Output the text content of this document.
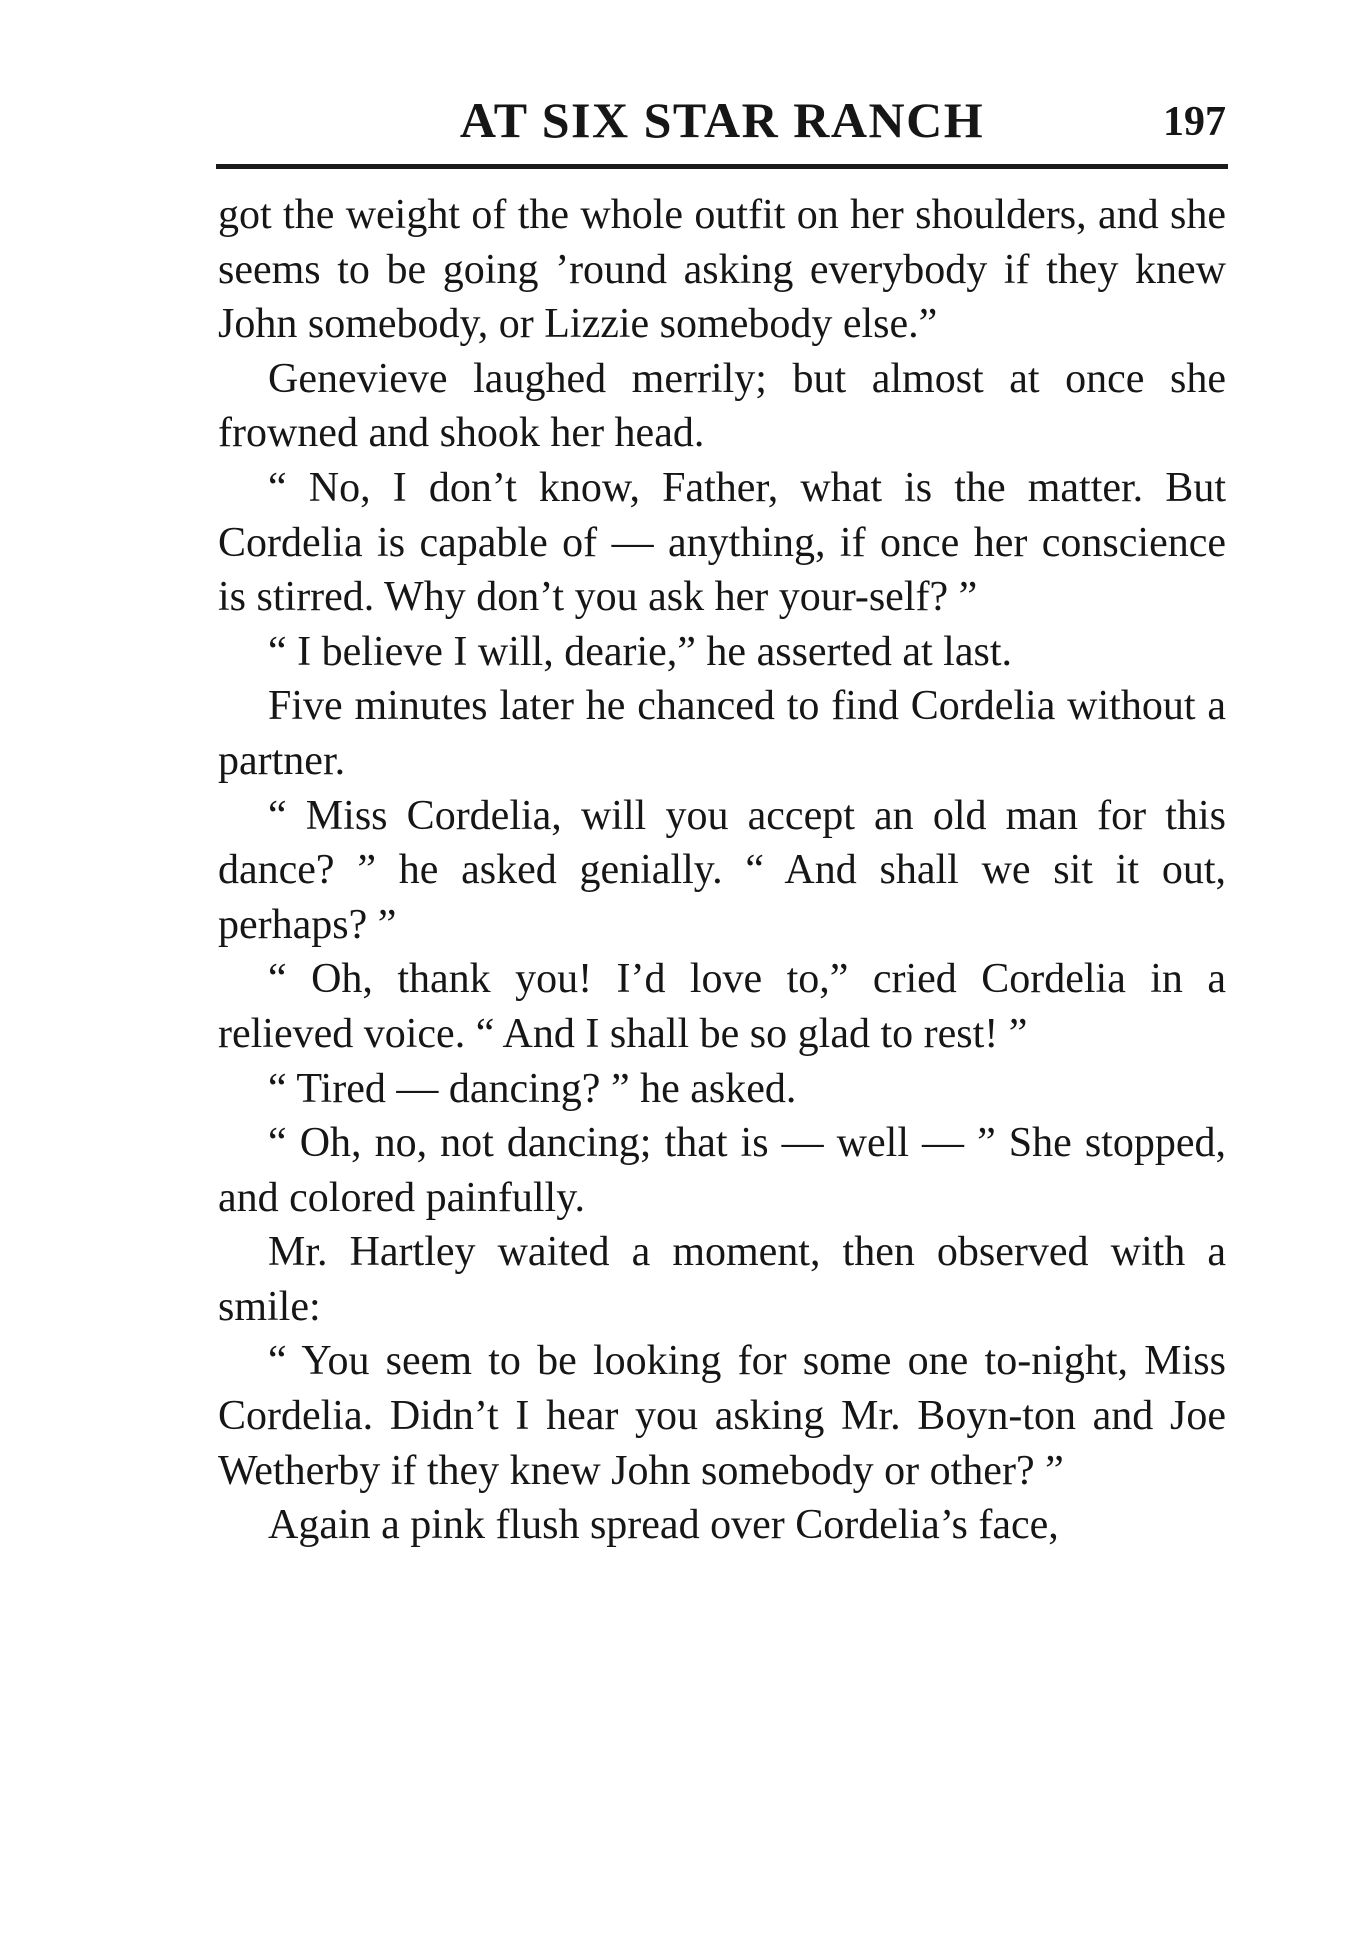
AT SIX STAR RANCH	197

got the weight of the whole outfit on her shoulders, and she seems to be going ’round asking everybody if they knew John somebody, or Lizzie somebody else.”

Genevieve laughed merrily; but almost at once she frowned and shook her head.

“ No, I don’t know, Father, what is the matter. But Cordelia is capable of — anything, if once her conscience is stirred. Why don’t you ask her your-self? ”

“ I believe I will, dearie,” he asserted at last.

Five minutes later he chanced to find Cordelia without a partner.

“ Miss Cordelia, will you accept an old man for this dance? ” he asked genially. “ And shall we sit it out, perhaps? ”

“ Oh, thank you! I’d love to,” cried Cordelia in a relieved voice. “ And I shall be so glad to rest! ”

“ Tired — dancing? ” he asked.

“ Oh, no, not dancing; that is — well — ” She stopped, and colored painfully.

Mr. Hartley waited a moment, then observed with a smile:

“ You seem to be looking for some one to-night, Miss Cordelia. Didn’t I hear you asking Mr. Boyn-ton and Joe Wetherby if they knew John somebody or other? ”

Again a pink flush spread over Cordelia’s face,
